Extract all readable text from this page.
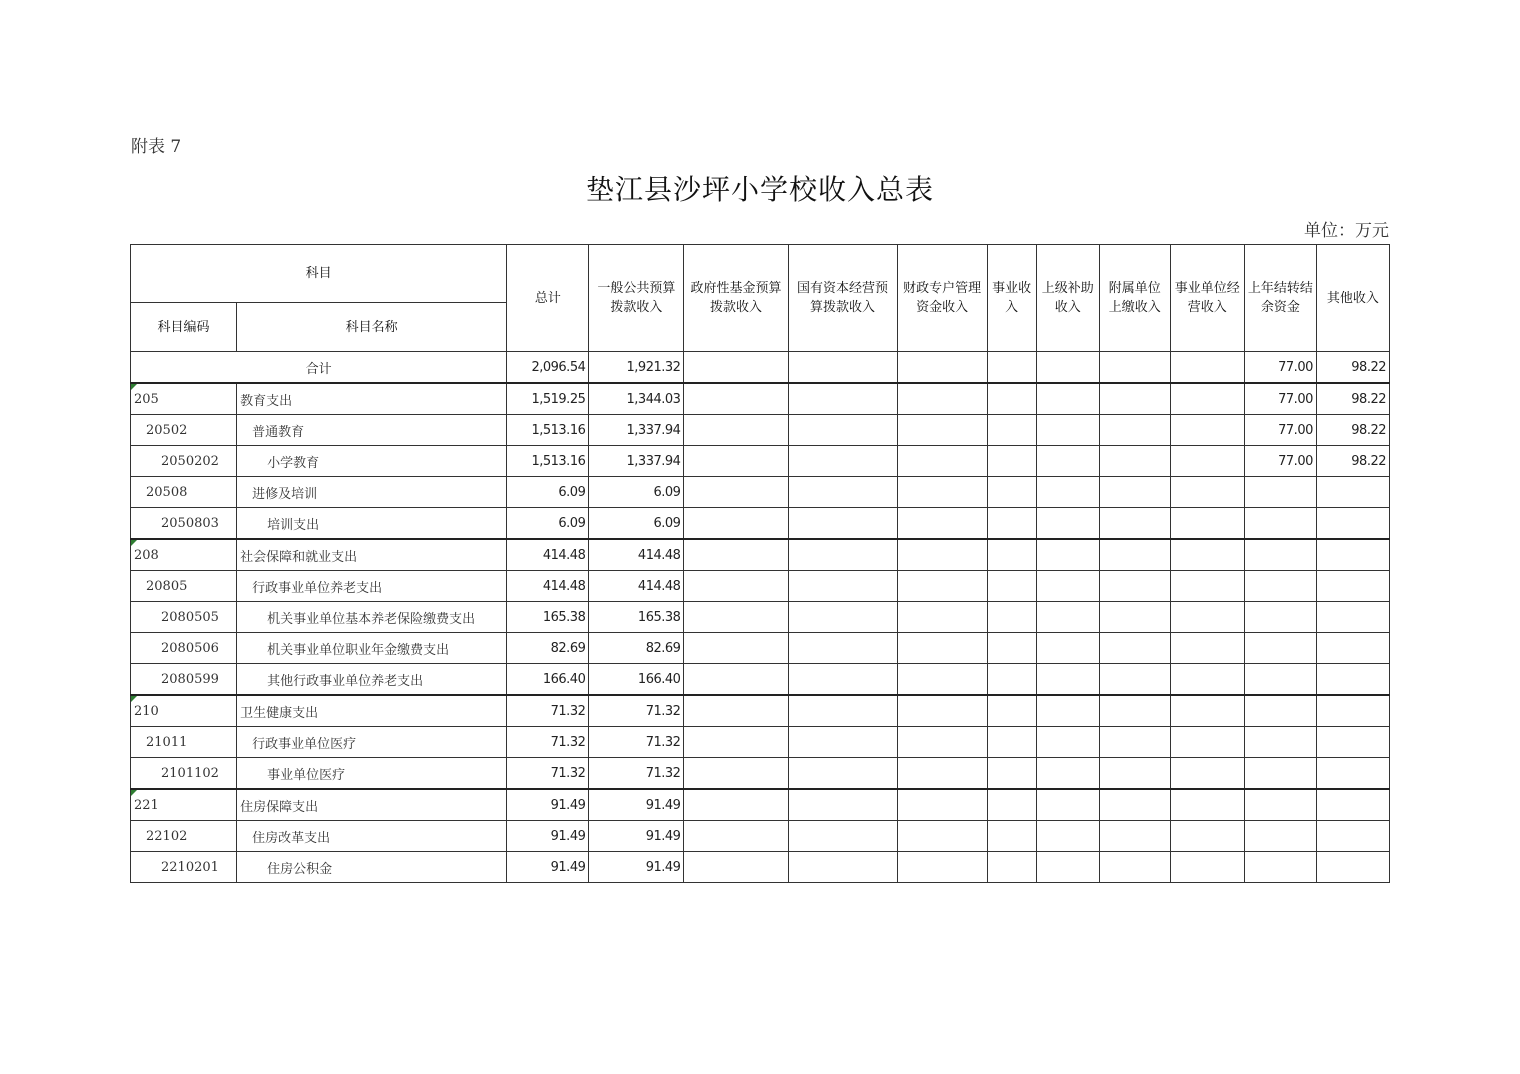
附表 7
垫江县沙坪小学校收入总表
单位：万元
科目		总计	一般公共预算拨款收入	政府性基金预算拨款收入	国有资本经营预算拨款收入	财政专户管理资金收入	事业收入	上级补助收入	附属单位上缴收入	事业单位经营收入	上年结转结余资金	其他收入
科目编码	科目名称											
合计		2,096.54	1,921.32								77.00	98.22

205	教育支出	1,519.25	1,344.03								77.00	98.22
20502	普通教育	1,513.16	1,337.94								77.00	98.22
2050202	小学教育	1,513.16	1,337.94								77.00	98.22
20508	进修及培训	6.09	6.09									
2050803	培训支出	6.09	6.09									

208	社会保障和就业支出	414.48	414.48									
20805	行政事业单位养老支出	414.48	414.48									
2080505	机关事业单位基本养老保险缴费支出	165.38	165.38									
2080506	机关事业单位职业年金缴费支出	82.69	82.69									
2080599	其他行政事业单位养老支出	166.40	166.40									

210	卫生健康支出	71.32	71.32									
21011	行政事业单位医疗	71.32	71.32									
2101102	事业单位医疗	71.32	71.32									

221	住房保障支出	91.49	91.49									
22102	住房改革支出	91.49	91.49									
2210201	住房公积金	91.49	91.49									
